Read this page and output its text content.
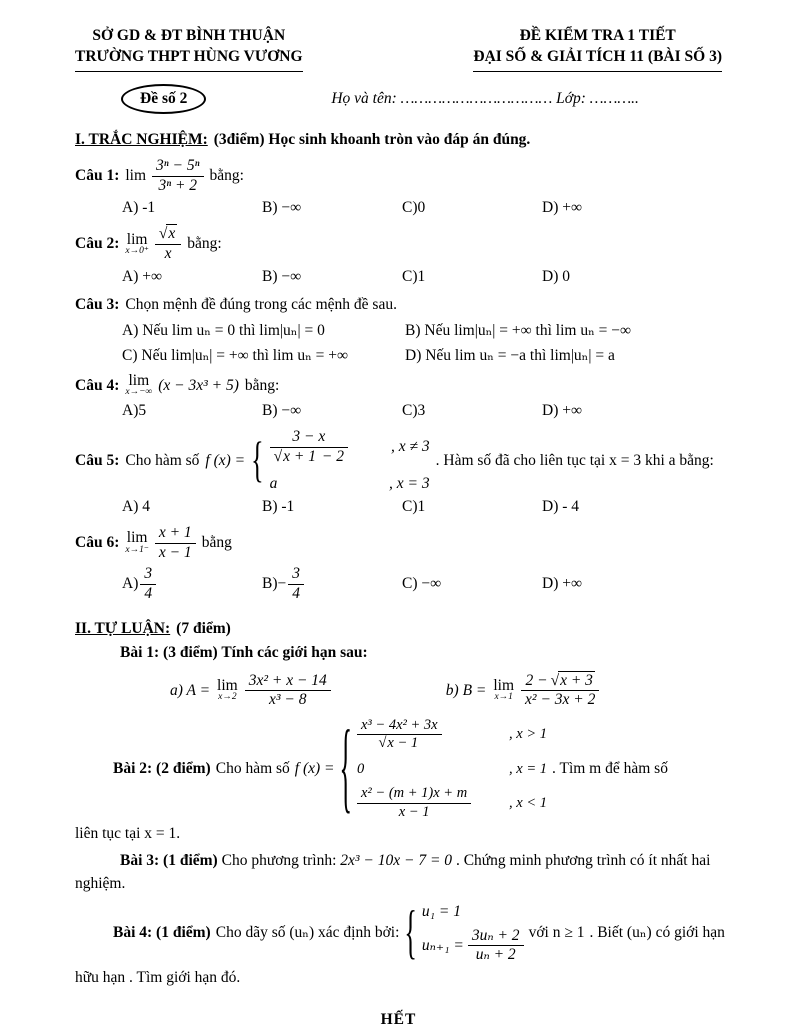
SỞ GD & ĐT BÌNH THUẬN
TRƯỜNG THPT HÙNG VƯƠNG
ĐỀ KIỂM TRA 1 TIẾT
ĐẠI SỐ & GIẢI TÍCH 11 (BÀI SỐ 3)
Đề số 2	Họ và tên: …………………………… Lớp: ………..

I. TRẮC NGHIỆM: (3điểm) Học sinh khoanh tròn vào đáp án đúng.

Câu 1: $\lim \frac{\text{3ⁿ − 5ⁿ}}{\text{3ⁿ + 2}}$ bằng:
A) -1	B) −∞	C)0	D) +∞
Câu 2: lim
$x\to 0^+ \frac{√ x}{x}$ bằng:
A) +∞	B) −∞	C)1	D) 0
Câu 3: Chọn mệnh đề đúng trong các mệnh đề sau.
A) Nếu lim uₙ = 0 thì lim|uₙ| = 0	B) Nếu lim|uₙ| = +∞ thì lim uₙ = −∞
C) Nếu lim|uₙ| = +∞ thì lim uₙ = +∞	D) Nếu lim uₙ = −a thì lim|uₙ| = a
Câu 4: lim
x→−∞ (x − 3x³ + 5) bằng:
A)5	B) −∞	C)3	D) +∞
Câu 5: Cho hàm số f (x) = { $\frac{3 - x}{√ x + 1 - 2}$	, x ≠ 3
a	, x = 3
. Hàm số đã cho liên tục tại x = 3 khi a bằng:
A) 4	B) -1	C)1	D) - 4
Câu 6: lim
$x\to 1^- \frac{x + 1}{x - 1}$ bằng
$A) \frac{3}{4}$	$B)- \frac{3}{4}$	C) −∞	D) +∞

II. TỰ LUẬN: (7 điểm)

Bài 1: (3 điểm) Tính các giới hạn sau:

a) A = lim
$x\to 2 \frac{\text{3x² + x − 14}}{\text{x³ − 8}}$	b) B = lim
$x\to 1 \frac{2 - √ x + 3}{\text{x² − 3x + 2}}$
Bài 2: (2 điểm) Cho hàm số f (x) = { $\frac{\text{x³ − 4x² + 3x}}{√ x - 1}$	, x > 1
0	, x = 1
$\frac{\text{x² − (m + 1)x + m}}{x - 1}$	, x < 1
. Tìm m để hàm số

liên tục tại x = 1.

Bài 3: (1 điểm) Cho phương trình: 2x³ − 10x − 7 = 0 . Chứng minh phương trình có ít nhất hai

nghiệm.

Bài 4: (1 điểm) Cho dãy số (uₙ) xác định bởi: { u₁ = 1
$u_{n+1} = \frac{\text{3uₙ + 2}}{\text{uₙ + 2}}$ với n ≥ 1 . Biết (uₙ) có giới hạn

hữu hạn . Tìm giới hạn đó.

HẾT
